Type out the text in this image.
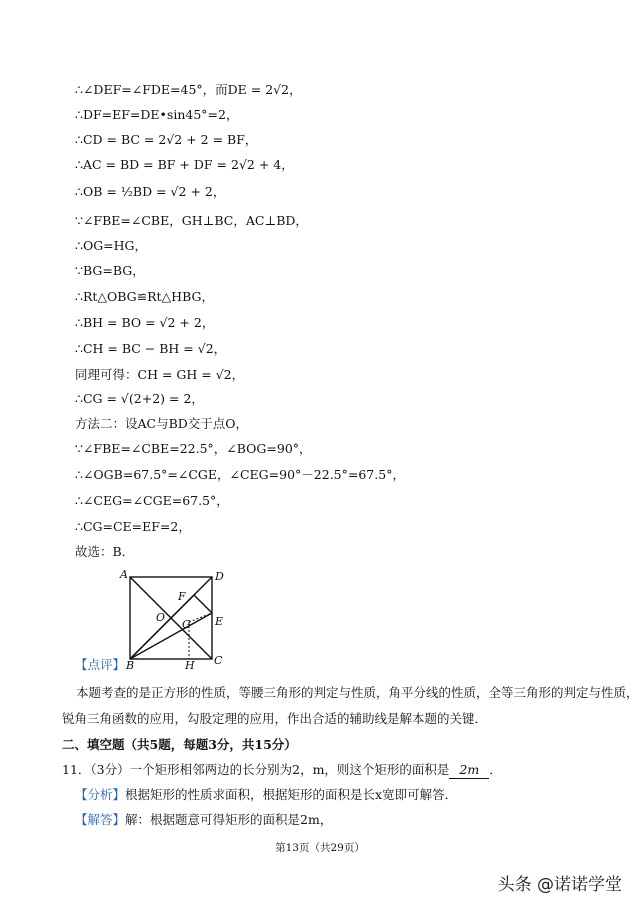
∴∠DEF=∠FDE=45°，而DE = 2√2，
∴DF=EF=DE•sin45°=2，
∴CD = BC = 2√2 + 2 = BF，
∴AC = BD = BF + DF = 2√2 + 4，
∴OB = ½BD = √2 + 2，
∵∠FBE=∠CBE，GH⊥BC，AC⊥BD，
∴OG=HG，
∵BG=BG，
∴Rt△OBG≌Rt△HBG，
∴BH = BO = √2 + 2，
∴CH = BC − BH = √2，
同理可得：CH = GH = √2，
∴CG = √(2+2) = 2，
方法二：设AC与BD交于点O，
∵∠FBE=∠CBE=22.5°，∠BOG=90°，
∴∠OGB=67.5°=∠CGE，∠CEG=90°－22.5°=67.5°，
∴∠CEG=∠CGE=67.5°，
∴CG=CE=EF=2，
故选：B．
A	D
F
O
G E
B	H C
【点评】
本题考查的是正方形的性质，等腰三角形的判定与性质，角平分线的性质，全等三角形的判定与性质，
锐角三角函数的应用，勾股定理的应用，作出合适的辅助线是解本题的关键．
二、填空题（共5题，每题3分，共15分）
11．（3分）一个矩形相邻两边的长分别为2，m，则这个矩形的面积是 2m ．
【分析】根据矩形的性质求面积，根据矩形的面积是长x宽即可解答．
【解答】解：根据题意可得矩形的面积是2m，
第13页（共29页）
头条 @诺诺学堂
